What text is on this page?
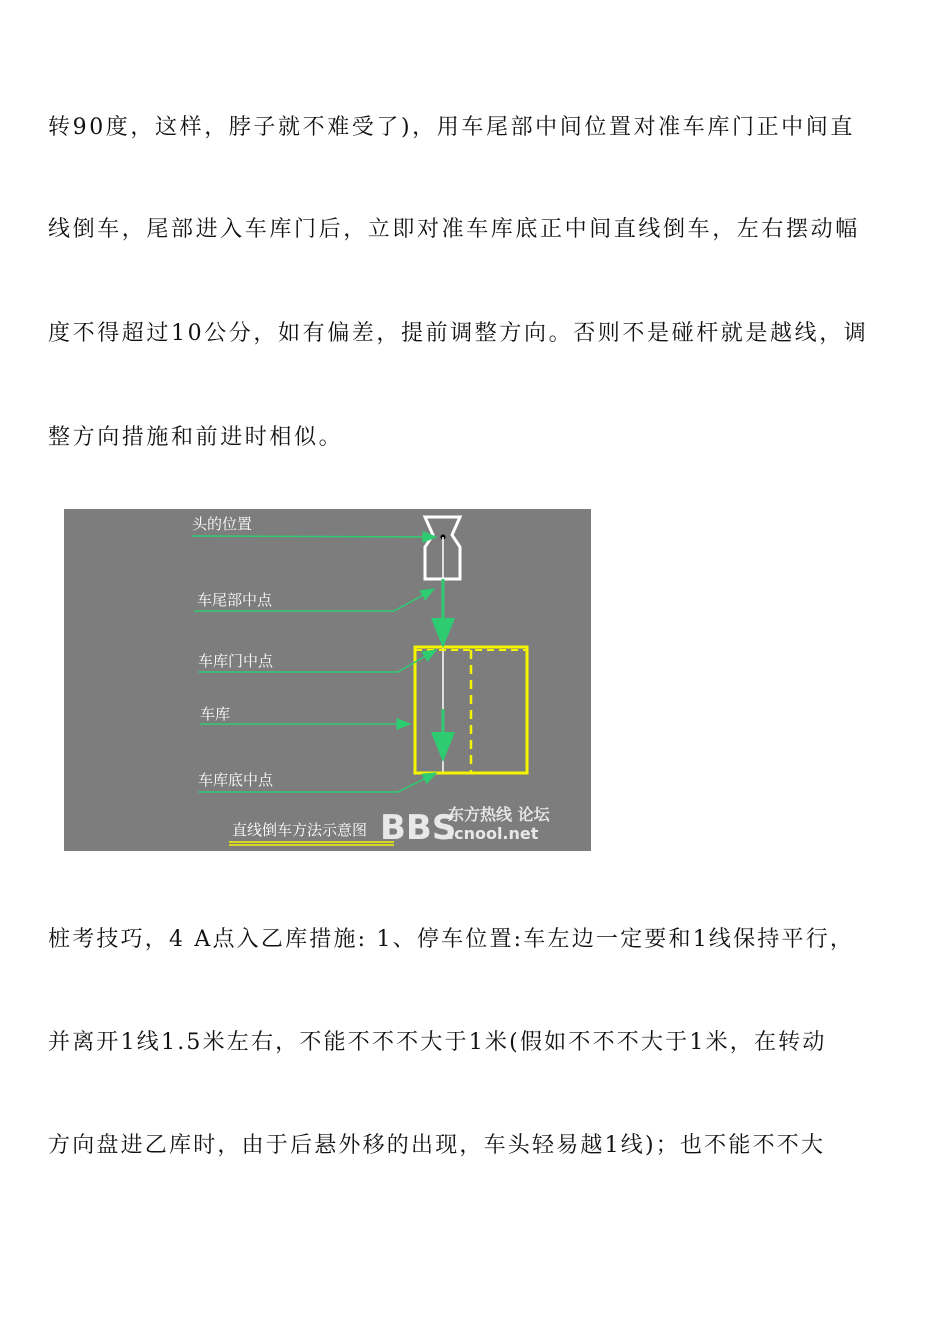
转90度，这样，脖子就不难受了)，用车尾部中间位置对准车库门正中间直
线倒车，尾部进入车库门后，立即对准车库底正中间直线倒车，左右摆动幅
度不得超过10公分，如有偏差，提前调整方向。否则不是碰杆就是越线，调
整方向措施和前进时相似。
头的位置
车尾部中点
车库门中点
车库
车库底中点
直线倒车方法示意图 BBS
东方热线 论坛
.cnool.net
桩考技巧，4 A点入乙库措施: 1、停车位置:车左边一定要和1线保持平行，
并离开1线1.5米左右，不能不不不大于1米(假如不不不大于1米，在转动
方向盘进乙库时，由于后悬外移的出现，车头轻易越1线)；也不能不不大
